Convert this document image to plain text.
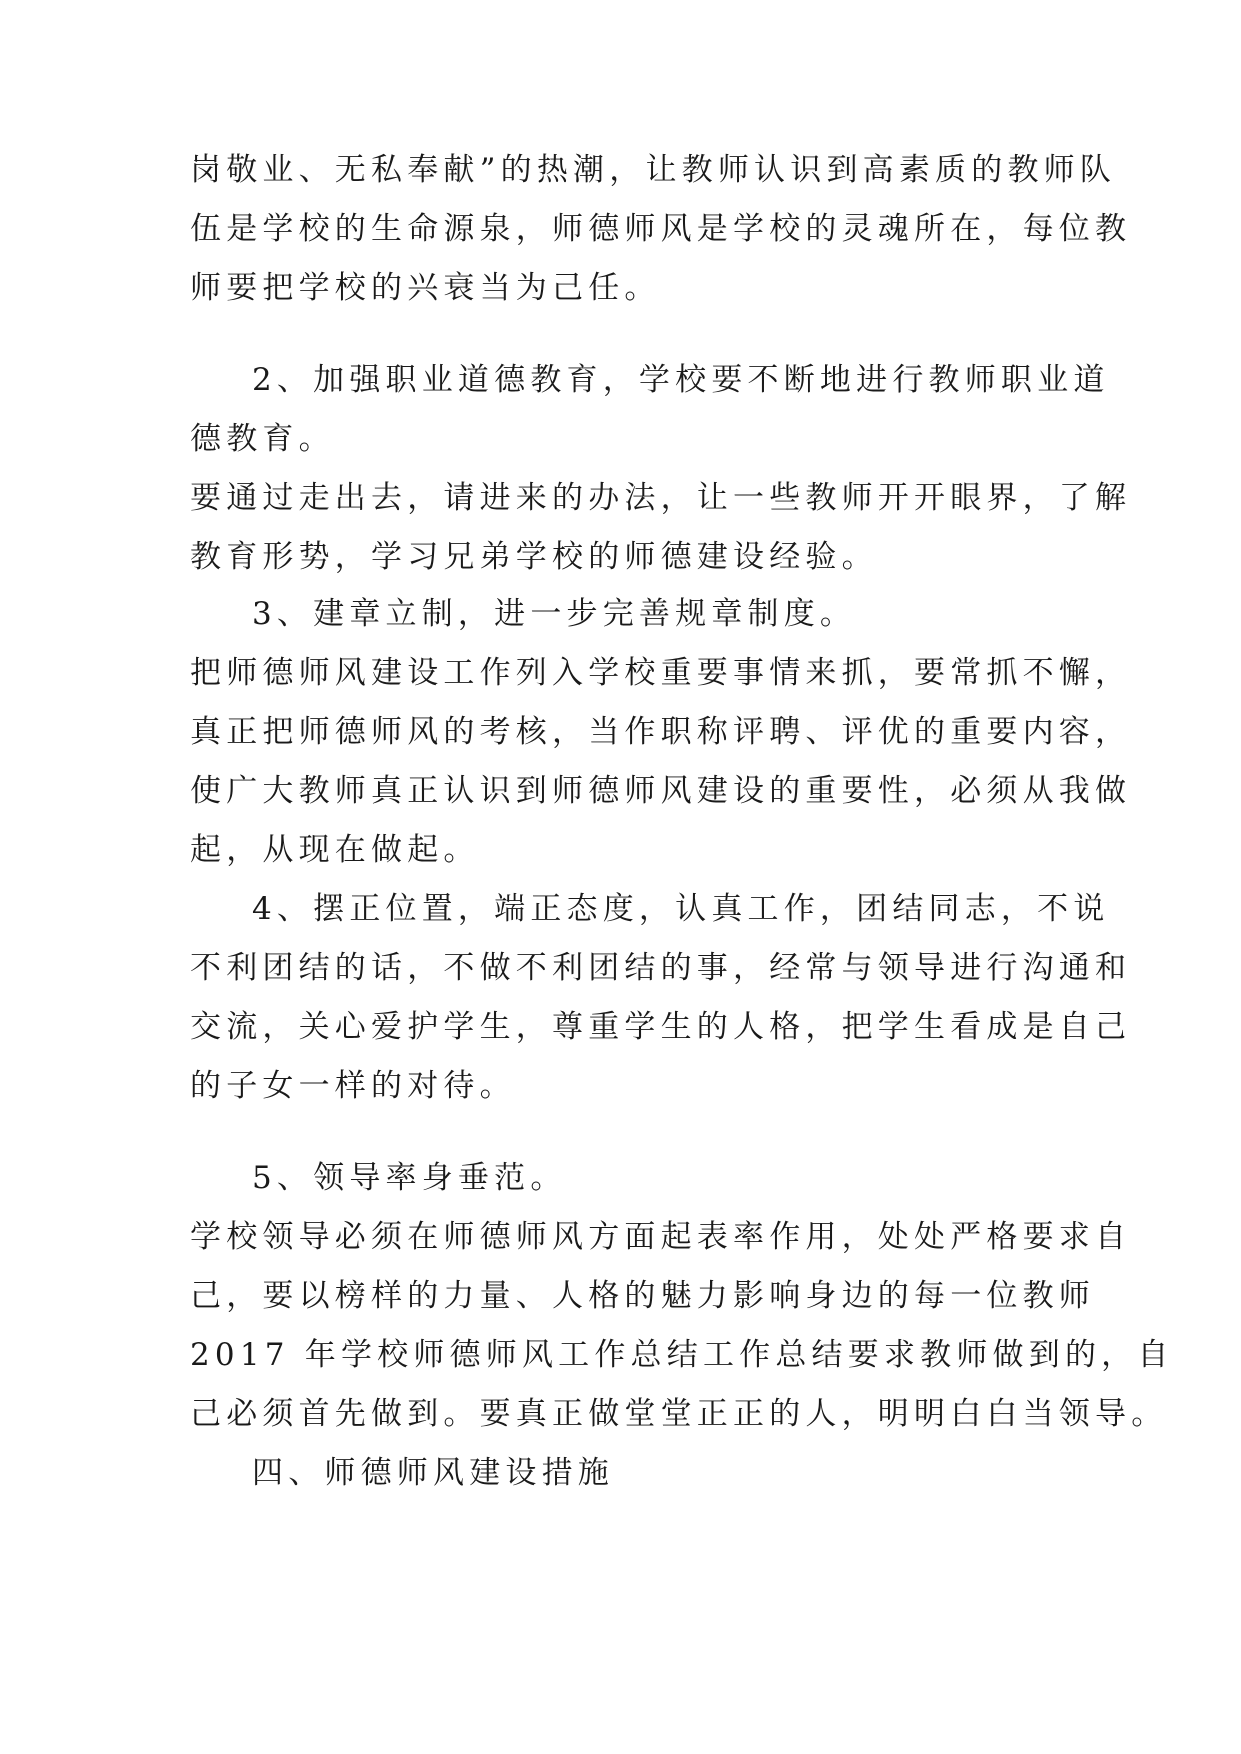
岗敬业、无私奉献”的热潮，让教师认识到高素质的教师队
伍是学校的生命源泉，师德师风是学校的灵魂所在，每位教
师要把学校的兴衰当为己任。
2、加强职业道德教育，学校要不断地进行教师职业道
德教育。
要通过走出去，请进来的办法，让一些教师开开眼界，了解
教育形势，学习兄弟学校的师德建设经验。
3、建章立制，进一步完善规章制度。
把师德师风建设工作列入学校重要事情来抓，要常抓不懈，
真正把师德师风的考核，当作职称评聘、评优的重要内容，
使广大教师真正认识到师德师风建设的重要性，必须从我做
起，从现在做起。
4、摆正位置，端正态度，认真工作，团结同志，不说
不利团结的话，不做不利团结的事，经常与领导进行沟通和
交流，关心爱护学生，尊重学生的人格，把学生看成是自己
的子女一样的对待。
5、领导率身垂范。
学校领导必须在师德师风方面起表率作用，处处严格要求自
己，要以榜样的力量、人格的魅力影响身边的每一位教师
2017 年学校师德师风工作总结工作总结要求教师做到的，自
己必须首先做到。要真正做堂堂正正的人，明明白白当领导。
四、师德师风建设措施
